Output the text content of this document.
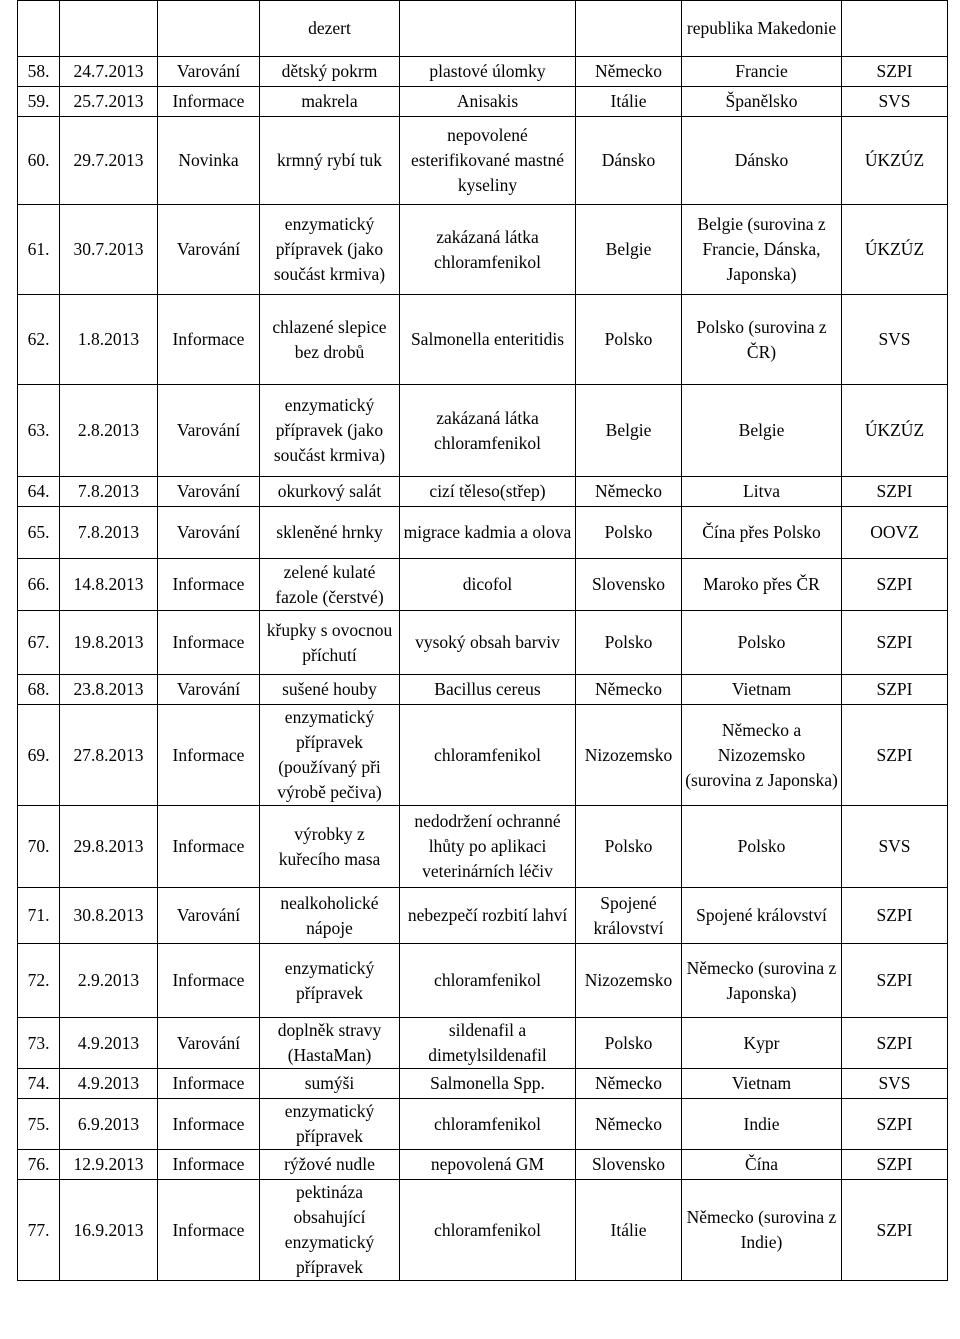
			dezert			republika Makedonie	
58.	24.7.2013	Varování	dětský pokrm	plastové úlomky	Německo	Francie	SZPI
59.	25.7.2013	Informace	makrela	Anisakis	Itálie	Španělsko	SVS
60.	29.7.2013	Novinka	krmný rybí tuk	nepovolené esterifikované mastné kyseliny	Dánsko	Dánsko	ÚKZÚZ
61.	30.7.2013	Varování	enzymatický přípravek (jako součást krmiva)	zakázaná látka chloramfenikol	Belgie	Belgie (surovina z Francie, Dánska, Japonska)	ÚKZÚZ
62.	1.8.2013	Informace	chlazené slepice bez drobů	Salmonella enteritidis	Polsko	Polsko (surovina z ČR)	SVS
63.	2.8.2013	Varování	enzymatický přípravek (jako součást krmiva)	zakázaná látka chloramfenikol	Belgie	Belgie	ÚKZÚZ
64.	7.8.2013	Varování	okurkový salát	cizí těleso(střep)	Německo	Litva	SZPI
65.	7.8.2013	Varování	skleněné hrnky	migrace kadmia a olova	Polsko	Čína přes Polsko	OOVZ
66.	14.8.2013	Informace	zelené kulaté fazole (čerstvé)	dicofol	Slovensko	Maroko přes ČR	SZPI
67.	19.8.2013	Informace	křupky s ovocnou příchutí	vysoký obsah barviv	Polsko	Polsko	SZPI
68.	23.8.2013	Varování	sušené houby	Bacillus cereus	Německo	Vietnam	SZPI
69.	27.8.2013	Informace	enzymatický přípravek (používaný při výrobě pečiva)	chloramfenikol	Nizozemsko	Německo a Nizozemsko (surovina z Japonska)	SZPI
70.	29.8.2013	Informace	výrobky z kuřecího masa	nedodržení ochranné lhůty po aplikaci veterinárních léčiv	Polsko	Polsko	SVS
71.	30.8.2013	Varování	nealkoholické nápoje	nebezpečí rozbití lahví	Spojené království	Spojené království	SZPI
72.	2.9.2013	Informace	enzymatický přípravek	chloramfenikol	Nizozemsko	Německo (surovina z Japonska)	SZPI
73.	4.9.2013	Varování	doplněk stravy (HastaMan)	sildenafil a dimetylsildenafil	Polsko	Kypr	SZPI
74.	4.9.2013	Informace	sumýši	Salmonella Spp.	Německo	Vietnam	SVS
75.	6.9.2013	Informace	enzymatický přípravek	chloramfenikol	Německo	Indie	SZPI
76.	12.9.2013	Informace	rýžové nudle	nepovolená GM	Slovensko	Čína	SZPI
77.	16.9.2013	Informace	pektináza obsahující enzymatický přípravek	chloramfenikol	Itálie	Německo (surovina z Indie)	SZPI
